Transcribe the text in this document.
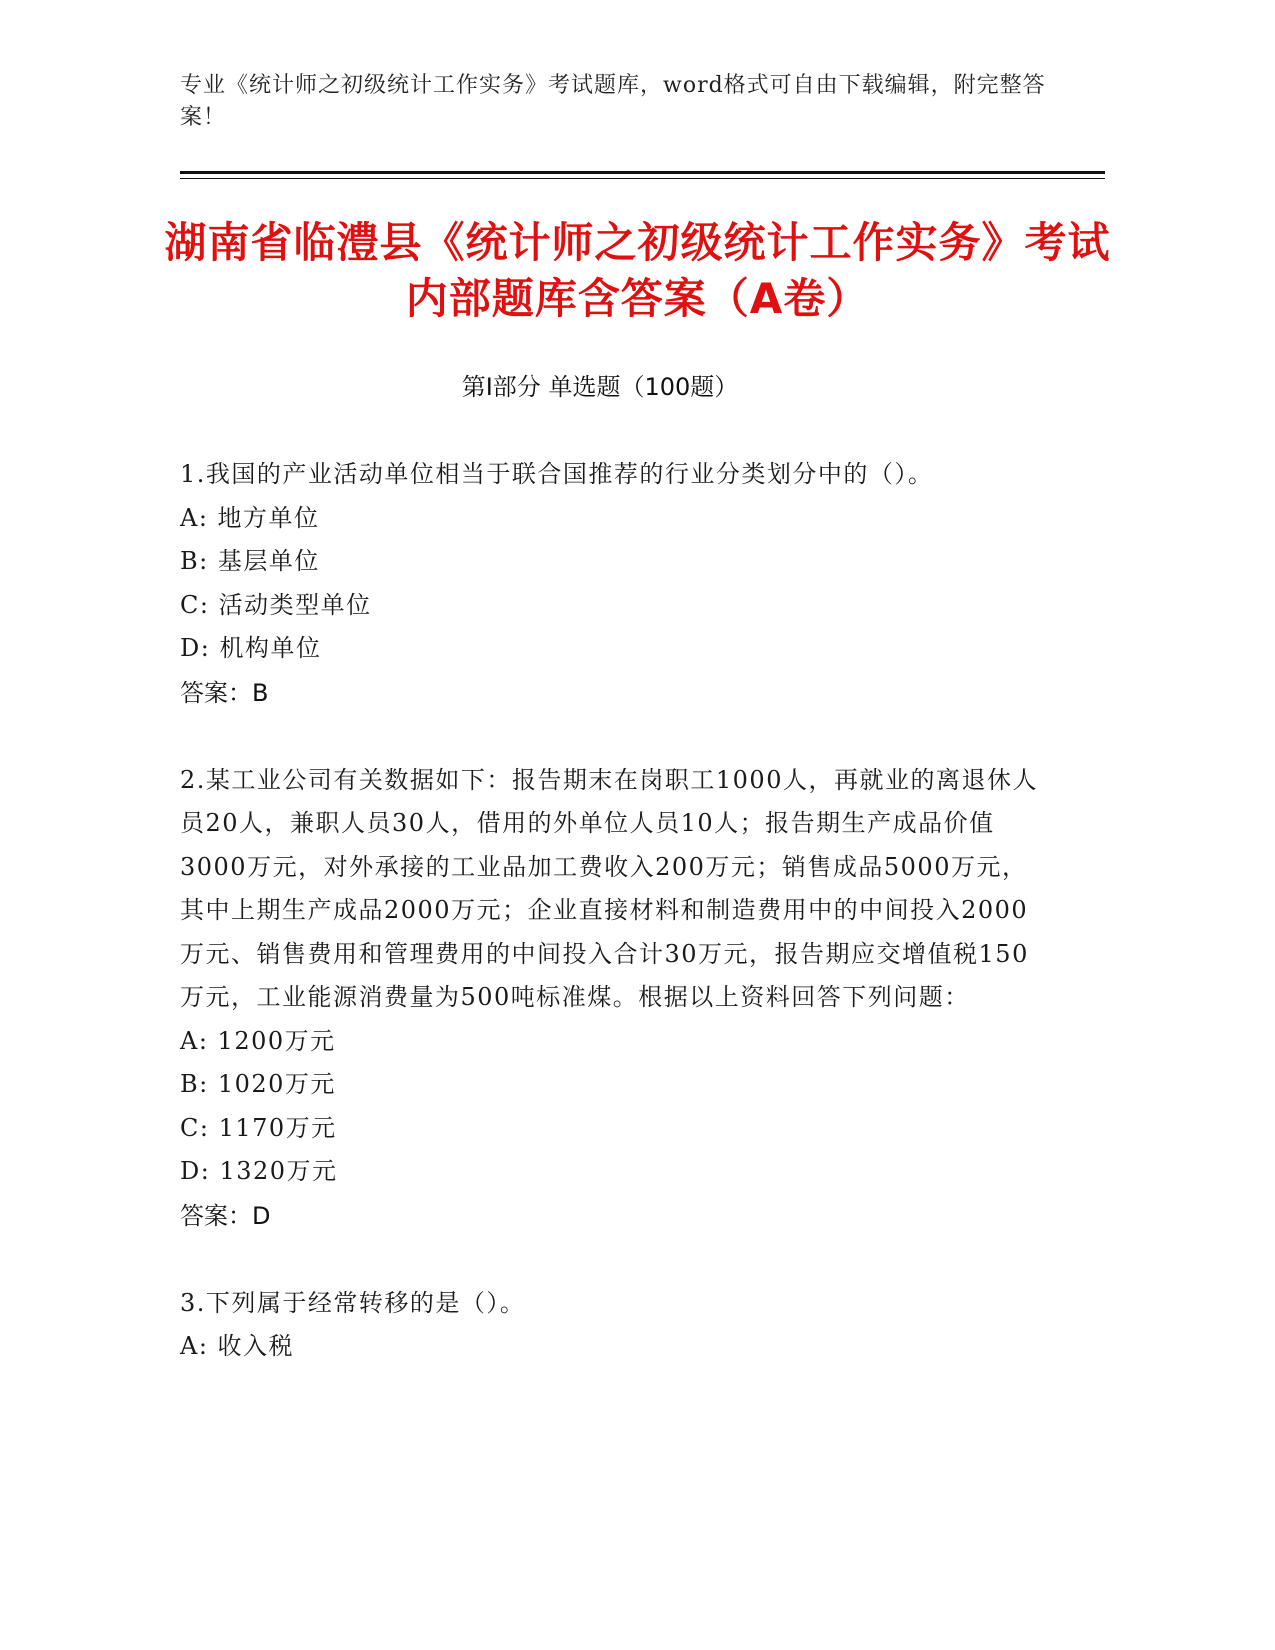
专业《统计师之初级统计工作实务》考试题库，word格式可自由下载编辑，附完整答案！
湖南省临澧县《统计师之初级统计工作实务》考试内部题库含答案（A卷）
第Ⅰ部分 单选题（100题）
1.我国的产业活动单位相当于联合国推荐的行业分类划分中的（）。
A: 地方单位
B: 基层单位
C: 活动类型单位
D: 机构单位
答案：B
2.某工业公司有关数据如下：报告期末在岗职工1000人，再就业的离退休人员20人，兼职人员30人，借用的外单位人员10人；报告期生产成品价值3000万元，对外承接的工业品加工费收入200万元；销售成品5000万元，其中上期生产成品2000万元；企业直接材料和制造费用中的中间投入2000万元、销售费用和管理费用的中间投入合计30万元，报告期应交增值税150万元，工业能源消费量为500吨标准煤。根据以上资料回答下列问题：
A: 1200万元
B: 1020万元
C: 1170万元
D: 1320万元
答案：D
3.下列属于经常转移的是（）。
A: 收入税
